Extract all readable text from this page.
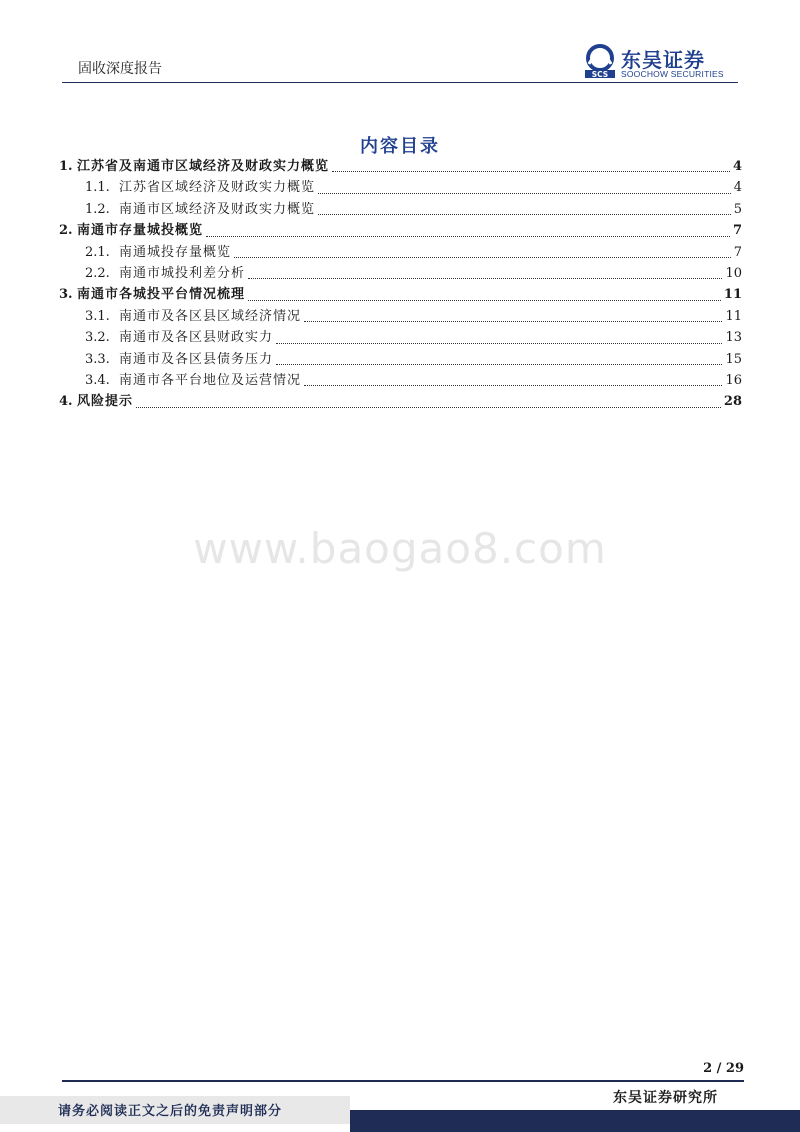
固收深度报告	SCS
东吴证券
SOOCHOW SECURITIES
内容目录
1. 江苏省及南通市区域经济及财政实力概览	4
1.1. 江苏省区域经济及财政实力概览	4
1.2. 南通市区域经济及财政实力概览	5
2. 南通市存量城投概览	7
2.1. 南通城投存量概览	7
2.2. 南通市城投利差分析	10
3. 南通市各城投平台情况梳理	11
3.1. 南通市及各区县区域经济情况	11
3.2. 南通市及各区县财政实力	13
3.3. 南通市及各区县债务压力	15
3.4. 南通市各平台地位及运营情况	16
4. 风险提示	28
www.baogao8.com
2 / 29
请务必阅读正文之后的免责声明部分
东吴证券研究所
